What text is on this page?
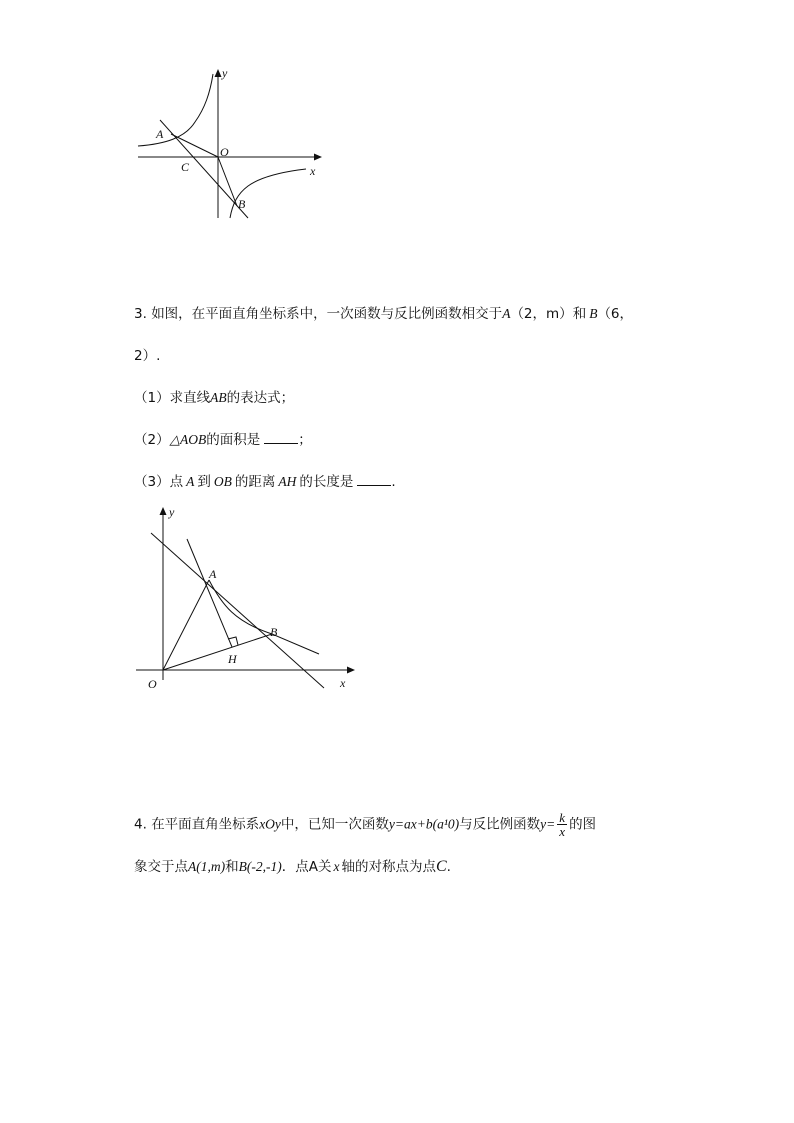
y
x
O
A
C
B
3. 如图，在平面直角坐标系中，一次函数与反比例函数相交于A（2，m）和 B（6，
2）.
（1）求直线AB的表达式；
（2）△AOB的面积是	；
（3）点 A 到 OB 的距离 AH 的长度是	.
y
x
O
A
B
H
4. 在平面直角坐标系xOy中，已知一次函数y=ax+b(a¹0)与反比例函数$y= \frac{k}{x}$ 的图
象交于点A(1,m)和B(-2,-1)．点A关 x 轴的对称点为点C.
